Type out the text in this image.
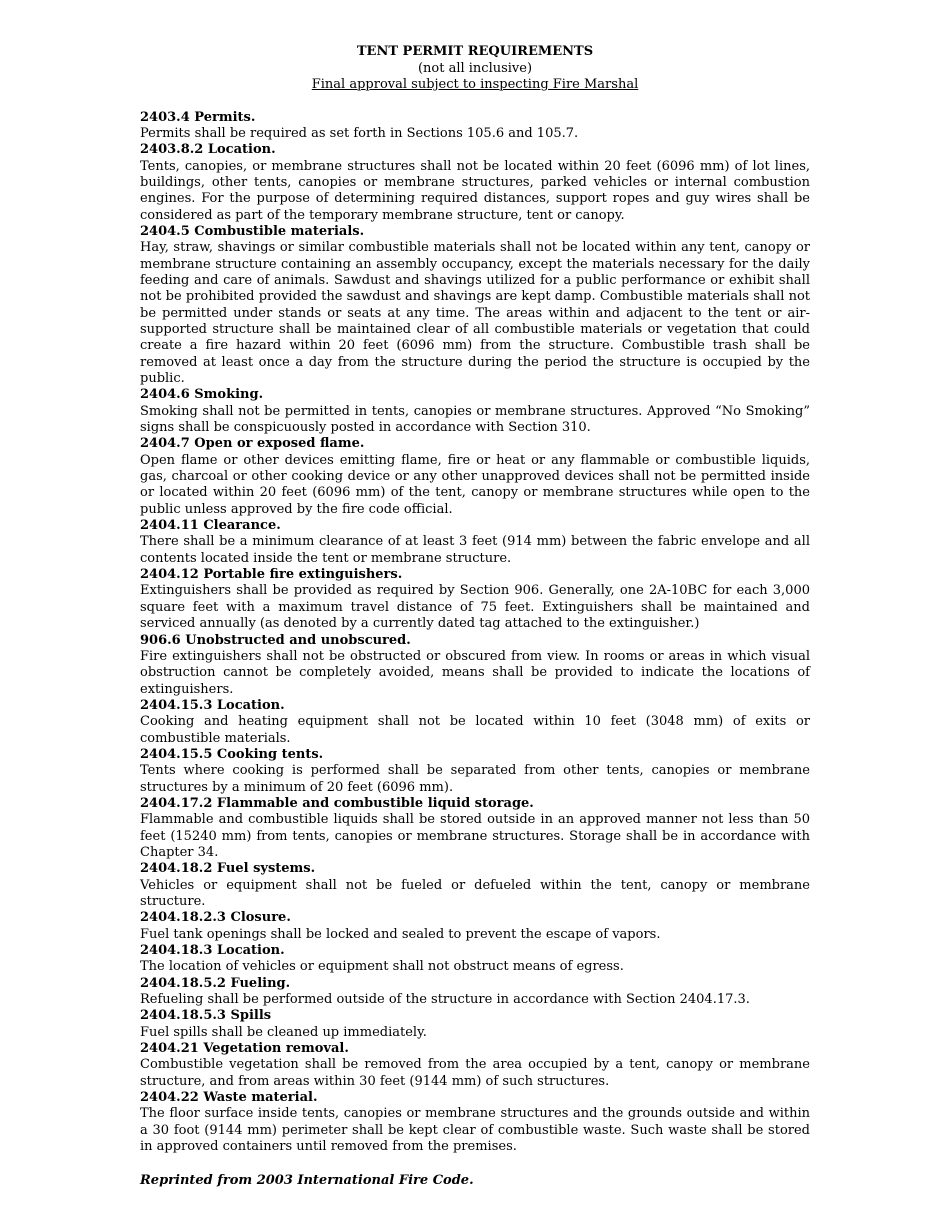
TENT PERMIT REQUIREMENTS
(not all inclusive)
Final approval subject to inspecting Fire Marshal
2403.4 Permits.
Permits shall be required as set forth in Sections 105.6 and 105.7.
2403.8.2 Location.
Tents, canopies, or membrane structures shall not be located within 20 feet (6096 mm) of lot lines, buildings, other tents, canopies or membrane structures, parked vehicles or internal combustion engines. For the purpose of determining required distances, support ropes and guy wires shall be considered as part of the temporary membrane structure, tent or canopy.
2404.5 Combustible materials.
Hay, straw, shavings or similar combustible materials shall not be located within any tent, canopy or membrane structure containing an assembly occupancy, except the materials necessary for the daily feeding and care of animals. Sawdust and shavings utilized for a public performance or exhibit shall not be prohibited provided the sawdust and shavings are kept damp. Combustible materials shall not be permitted under stands or seats at any time. The areas within and adjacent to the tent or air-supported structure shall be maintained clear of all combustible materials or vegetation that could create a fire hazard within 20 feet (6096 mm) from the structure. Combustible trash shall be removed at least once a day from the structure during the period the structure is occupied by the public.
2404.6 Smoking.
Smoking shall not be permitted in tents, canopies or membrane structures. Approved “No Smoking” signs shall be conspicuously posted in accordance with Section 310.
2404.7 Open or exposed flame.
Open flame or other devices emitting flame, fire or heat or any flammable or combustible liquids, gas, charcoal or other cooking device or any other unapproved devices shall not be permitted inside or located within 20 feet (6096 mm) of the tent, canopy or membrane structures while open to the public unless approved by the fire code official.
2404.11 Clearance.
There shall be a minimum clearance of at least 3 feet (914 mm) between the fabric envelope and all contents located inside the tent or membrane structure.
2404.12 Portable fire extinguishers.
Extinguishers shall be provided as required by Section 906. Generally, one 2A-10BC for each 3,000 square feet with a maximum travel distance of 75 feet. Extinguishers shall be maintained and serviced annually (as denoted by a currently dated tag attached to the extinguisher.)
906.6 Unobstructed and unobscured.
Fire extinguishers shall not be obstructed or obscured from view. In rooms or areas in which visual obstruction cannot be completely avoided, means shall be provided to indicate the locations of extinguishers.
2404.15.3 Location.
Cooking and heating equipment shall not be located within 10 feet (3048 mm) of exits or combustible materials.
2404.15.5 Cooking tents.
Tents where cooking is performed shall be separated from other tents, canopies or membrane structures by a minimum of 20 feet (6096 mm).
2404.17.2 Flammable and combustible liquid storage.
Flammable and combustible liquids shall be stored outside in an approved manner not less than 50 feet (15240 mm) from tents, canopies or membrane structures. Storage shall be in accordance with Chapter 34.
2404.18.2 Fuel systems.
Vehicles or equipment shall not be fueled or defueled within the tent, canopy or membrane structure.
2404.18.2.3 Closure.
Fuel tank openings shall be locked and sealed to prevent the escape of vapors.
2404.18.3 Location.
The location of vehicles or equipment shall not obstruct means of egress.
2404.18.5.2 Fueling.
Refueling shall be performed outside of the structure in accordance with Section 2404.17.3.
2404.18.5.3 Spills
Fuel spills shall be cleaned up immediately.
2404.21 Vegetation removal.
Combustible vegetation shall be removed from the area occupied by a tent, canopy or membrane structure, and from areas within 30 feet (9144 mm) of such structures.
2404.22 Waste material.
The floor surface inside tents, canopies or membrane structures and the grounds outside and within a 30 foot (9144 mm) perimeter shall be kept clear of combustible waste. Such waste shall be stored in approved containers until removed from the premises.
Reprinted from 2003 International Fire Code.
